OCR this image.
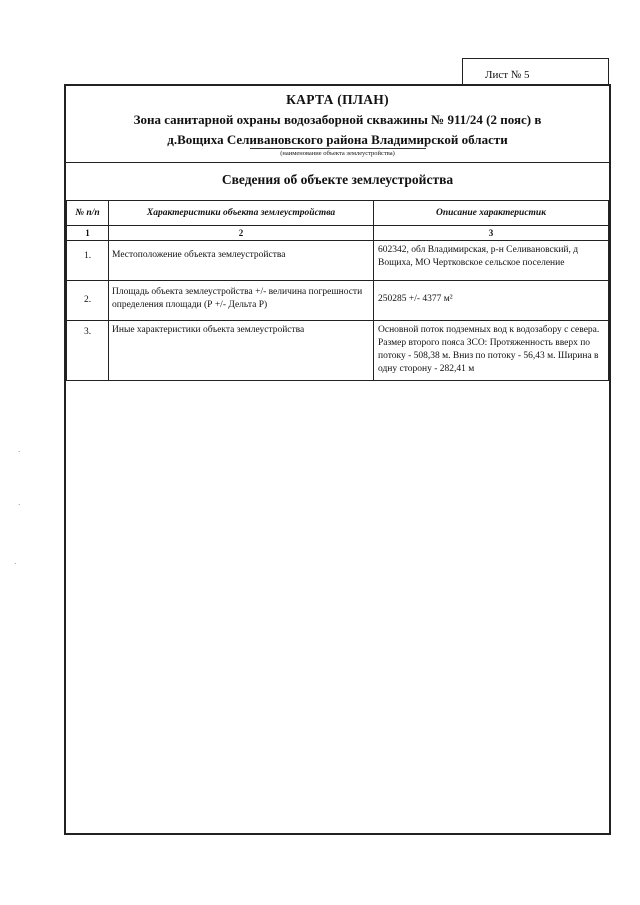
Лист № 5
КАРТА (ПЛАН)
Зона санитарной охраны водозаборной скважины № 911/24 (2 пояс) в
д.Вощиха Селивановского района Владимирской области
(наименование объекта землеустройства)
Сведения об объекте землеустройства
№ п/п	Характеристики объекта землеустройства	Описание характеристик
1	2	3
1.	Местоположение объекта землеустройства	602342, обл Владимирская, р-н Селивановский, д Вощиха, МО Чертковское сельское поселение
2.	Площадь объекта землеустройства +/- величина погрешности определения площади (Р +/- Дельта Р)	250285 +/- 4377 м²
3.	Иные характеристики объекта землеустройства	Основной поток подземных вод к водозабору с севера. Размер второго пояса ЗСО: Протяженность вверх по потоку - 508,38 м. Вниз по потоку - 56,43 м. Ширина в одну сторону - 282,41 м
·
·
·
